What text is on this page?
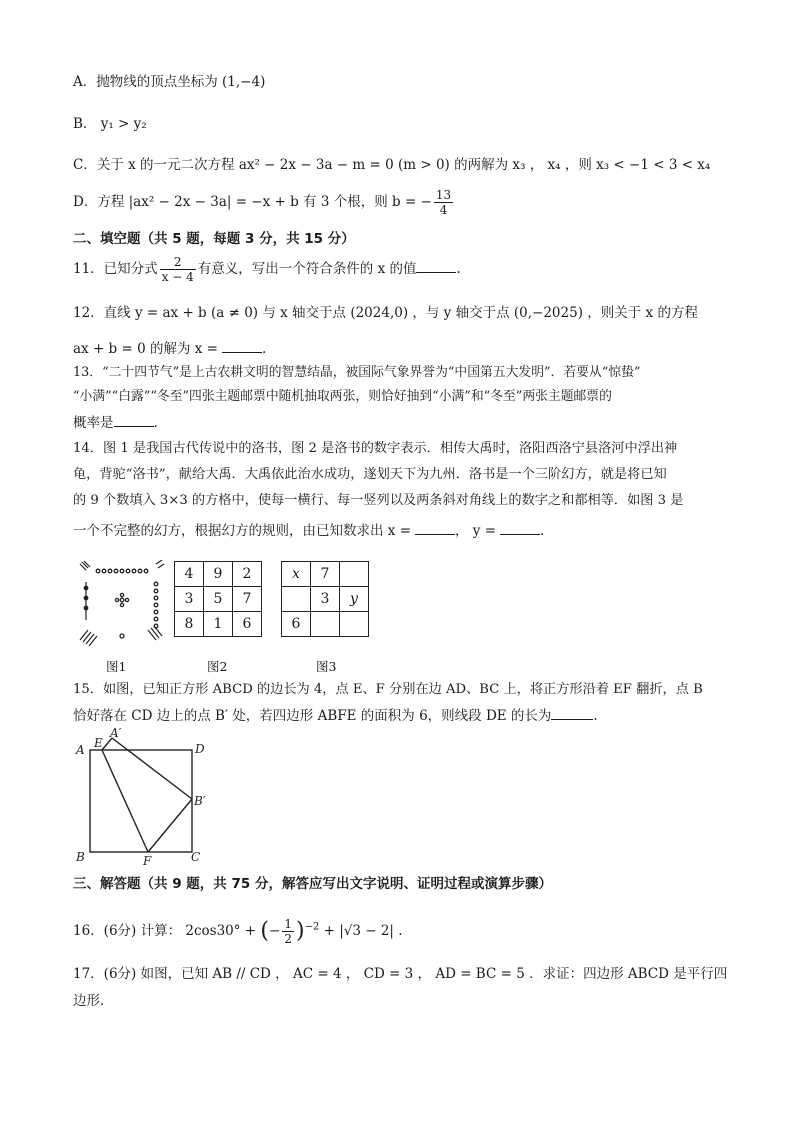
A．抛物线的顶点坐标为 (1,−4)
B． y₁ > y₂
C．关于 x 的一元二次方程 ax² − 2x − 3a − m = 0 (m > 0) 的两解为 x₃ ， x₄ ，则 x₃ < −1 < 3 < x₄
D．方程 |ax² − 2x − 3a| = −x + b 有 3 个根，则 b = − $\frac{13}{4}$
二、填空题（共 5 题，每题 3 分，共 15 分）
11．已知分式 $\frac{2}{x - 4}$ 有意义，写出一个符合条件的 x 的值	.
12．直线 y = ax + b (a ≠ 0) 与 x 轴交于点 (2024,0) ，与 y 轴交于点 (0,−2025) ，则关于 x 的方程
ax + b = 0 的解为 x =	.
13．“二十四节气”是上古农耕文明的智慧结晶，被国际气象界誉为“中国第五大发明”．若要从“惊蛰”
“小满”“白露”“冬至”四张主题邮票中随机抽取两张，则恰好抽到“小满”和“冬至”两张主题邮票的
概率是	.
14．图 1 是我国古代传说中的洛书，图 2 是洛书的数字表示．相传大禹时，洛阳西洛宁县洛河中浮出神
龟，背驼“洛书”，献给大禹．大禹依此治水成功，遂划天下为九州．洛书是一个三阶幻方，就是将已知
的 9 个数填入 3×3 的方格中，使每一横行、每一竖列以及两条斜对角线上的数字之和都相等．如图 3 是
一个不完整的幻方，根据幻方的规则，由已知数求出 x =	， y =	.
4	9	2
3	5	7
8	1	6
x	7	
	3	y
6		
图1	图2	图3
15．如图，已知正方形 ABCD 的边长为 4，点 E、F 分别在边 AD、BC 上，将正方形沿着 EF 翻折，点 B
恰好落在 CD 边上的点 B′ 处，若四边形 ABFE 的面积为 6，则线段 DE 的长为	.
A E
A′
D
B′
B	F	C
三、解答题（共 9 题，共 75 分，解答应写出文字说明、证明过程或演算步骤）
16．(6分) 计算： 2cos30° + (− $\frac{1}{2} )^{-2} + |√3 - 2|$ .
17．(6分) 如图，已知 AB // CD ， AC = 4 ， CD = 3 ， AD = BC = 5 ．求证：四边形 ABCD 是平行四
边形．
